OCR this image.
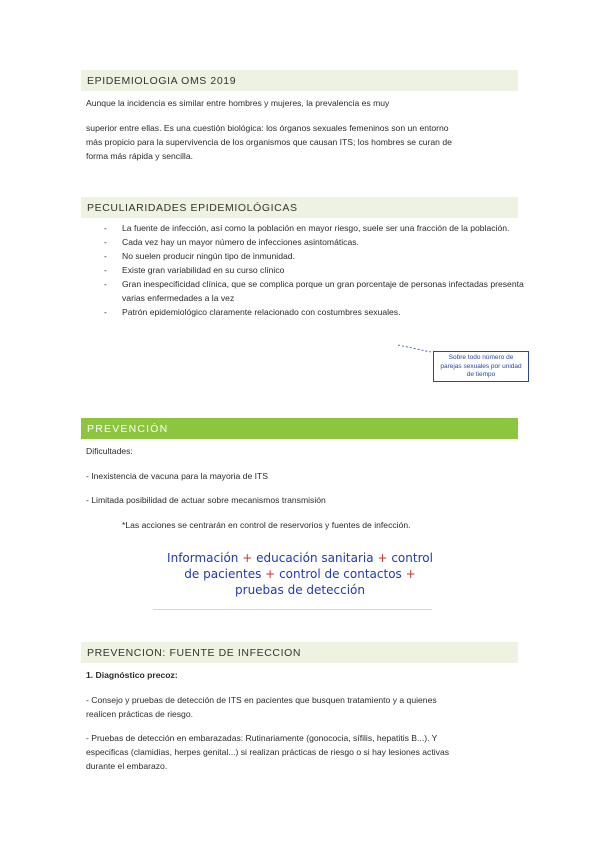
EPIDEMIOLOGIA OMS 2019
Aunque la incidencia es similar entre hombres y mujeres, la prevalencia es muy
superior entre ellas. Es una cuestión biológica: los órganos sexuales femeninos son un entorno
más propicio para la supervivencia de los organismos que causan ITS; los hombres se curan de
forma más rápida y sencilla.
PECULIARIDADES EPIDEMIOLÓGICAS
- La fuente de infección, así como la población en mayor riesgo, suele ser una fracción de la población.
- Cada vez hay un mayor número de infecciones asintomáticas.
- No suelen producir ningún tipo de inmunidad.
- Existe gran variabilidad en su curso clínico
- Gran inespecificidad clínica, que se complica porque un gran porcentaje de personas infectadas presenta varias enfermedades a la vez
- Patrón epidemiológico claramente relacionado con costumbres sexuales.
Sobre todo número de
parejas sexuales por unidad
de tiempo
PREVENCIÓN
Dificultades:
- Inexistencia de vacuna para la mayoria de ITS
- Limitada posibilidad de actuar sobre mecanismos transmisión
*Las acciones se centrarán en control de reservorios y fuentes de infección.
Información + educación sanitaria + control
de pacientes + control de contactos +
pruebas de detección
PREVENCION: FUENTE DE INFECCION
1. Diagnóstico precoz:
- Consejo y pruebas de detección de ITS en pacientes que busquen tratamiento y a quienes
realicen prácticas de riesgo.
- Pruebas de detección en embarazadas: Rutinariamente (gonococia, sífilis, hepatitis B...). Y
especificas (clamidias, herpes genital...) si realizan prácticas de riesgo o si hay lesiones activas
durante el embarazo.
